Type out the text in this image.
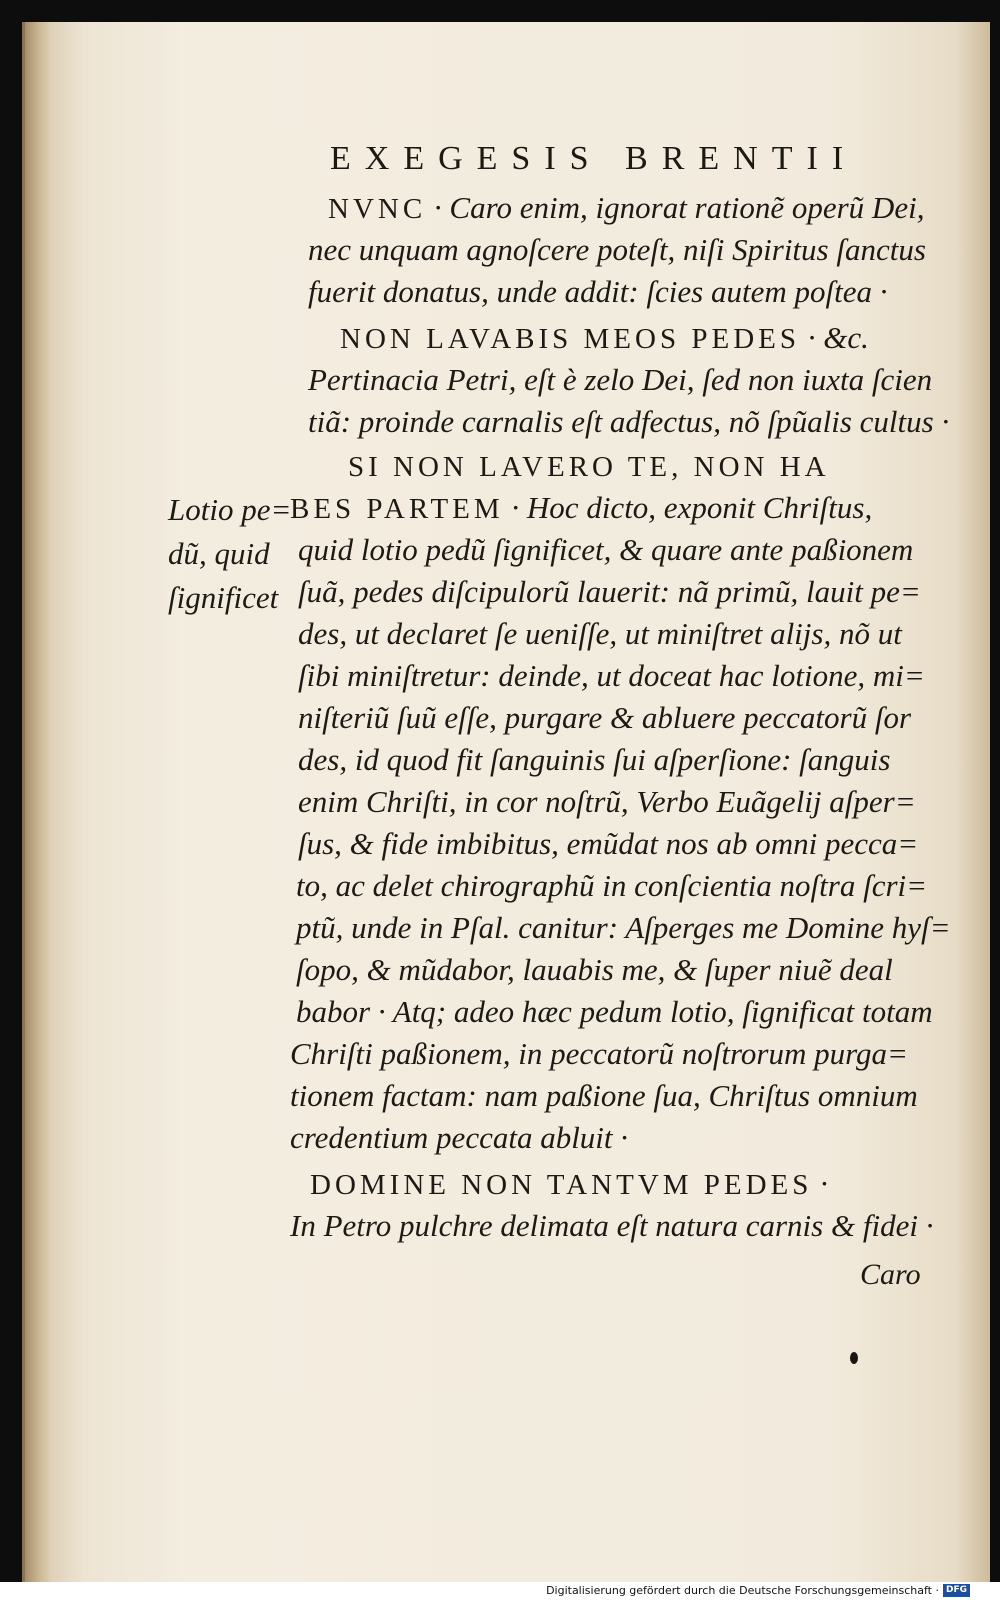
EXEGESIS BRENTII
Lotio pe=
dũ, quid
ſignificet
NVNC · Caro enim, ignorat rationẽ operũ Dei,
nec unquam agnoſcere poteſt, niſi Spiritus ſanctus
fuerit donatus, unde addit: ſcies autem poſtea ·
NON LAVABIS MEOS PEDES · &c.
Pertinacia Petri, eſt è zelo Dei, ſed non iuxta ſcien
tiã: proinde carnalis eſt adfectus, nõ ſpũalis cultus ·
SI NON LAVERO TE, NON HA
BES PARTEM · Hoc dicto, exponit Chriſtus,
quid lotio pedũ ſignificet, & quare ante paßionem
ſuã, pedes diſcipulorũ lauerit: nã primũ, lauit pe=
des, ut declaret ſe ueniſſe, ut miniſtret alijs, nõ ut
ſibi miniſtretur: deinde, ut doceat hac lotione, mi=
niſteriũ ſuũ eſſe, purgare & abluere peccatorũ ſor
des, id quod fit ſanguinis ſui aſperſione: ſanguis
enim Chriſti, in cor noſtrũ, Verbo Euãgelij aſper=
ſus, & fide imbibitus, emũdat nos ab omni pecca=
to, ac delet chirographũ in conſcientia noſtra ſcri=
ptũ, unde in Pſal. canitur: Aſperges me Domine hyſ=
ſopo, & mũdabor, lauabis me, & ſuper niuẽ deal
babor · Atq; adeo hæc pedum lotio, ſignificat totam
Chriſti paßionem, in peccatorũ noſtrorum purga=
tionem factam: nam paßione ſua, Chriſtus omnium
credentium peccata abluit ·
DOMINE NON TANTVM PEDES ·
In Petro pulchre delimata eſt natura carnis & fidei ·
Caro
Digitalisierung gefördert durch die Deutsche Forschungsgemeinschaft · DFG
